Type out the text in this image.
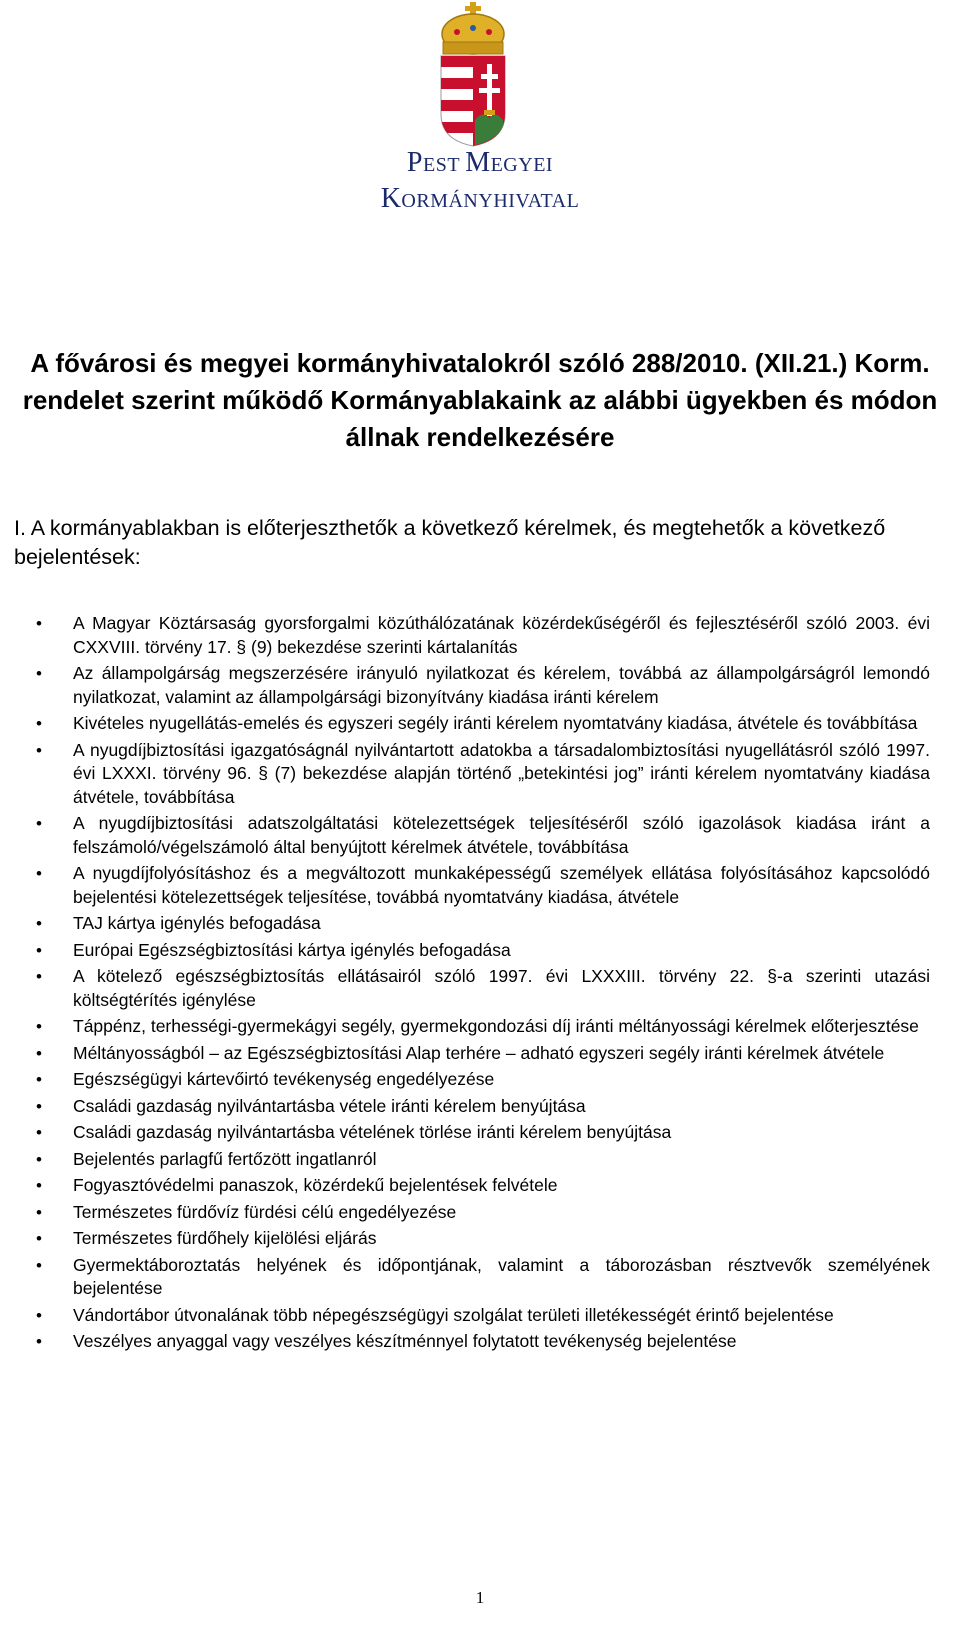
PEST MEGYEI
KORMÁNYHIVATAL
A fővárosi és megyei kormányhivatalokról szóló 288/2010. (XII.21.) Korm. rendelet szerint működő Kormányablakaink az alábbi ügyekben és módon állnak rendelkezésére
I. A kormányablakban is előterjeszthetők a következő kérelmek, és megtehetők a következő bejelentések:
• A Magyar Köztársaság gyorsforgalmi közúthálózatának közérdekűségéről és fejlesztéséről szóló 2003. évi CXXVIII. törvény 17. § (9) bekezdése szerinti kártalanítás
• Az állampolgárság megszerzésére irányuló nyilatkozat és kérelem, továbbá az állampolgárságról lemondó nyilatkozat, valamint az állampolgársági bizonyítvány kiadása iránti kérelem
• Kivételes nyugellátás-emelés és egyszeri segély iránti kérelem nyomtatvány kiadása, átvétele és továbbítása
• A nyugdíjbiztosítási igazgatóságnál nyilvántartott adatokba a társadalombiztosítási nyugellátásról szóló 1997. évi LXXXI. törvény 96. § (7) bekezdése alapján történő „betekintési jog” iránti kérelem nyomtatvány kiadása átvétele, továbbítása
• A nyugdíjbiztosítási adatszolgáltatási kötelezettségek teljesítéséről szóló igazolások kiadása iránt a felszámoló/végelszámoló által benyújtott kérelmek átvétele, továbbítása
• A nyugdíjfolyósításhoz és a megváltozott munkaképességű személyek ellátása folyósításához kapcsolódó bejelentési kötelezettségek teljesítése, továbbá nyomtatvány kiadása, átvétele
• TAJ kártya igénylés befogadása
• Európai Egészségbiztosítási kártya igénylés befogadása
• A kötelező egészségbiztosítás ellátásairól szóló 1997. évi LXXXIII. törvény 22. §-a szerinti utazási költségtérítés igénylése
• Táppénz, terhességi-gyermekágyi segély, gyermekgondozási díj iránti méltányossági kérelmek előterjesztése
• Méltányosságból – az Egészségbiztosítási Alap terhére – adható egyszeri segély iránti kérelmek átvétele
• Egészségügyi kártevőirtó tevékenység engedélyezése
• Családi gazdaság nyilvántartásba vétele iránti kérelem benyújtása
• Családi gazdaság nyilvántartásba vételének törlése iránti kérelem benyújtása
• Bejelentés parlagfű fertőzött ingatlanról
• Fogyasztóvédelmi panaszok, közérdekű bejelentések felvétele
• Természetes fürdővíz fürdési célú engedélyezése
• Természetes fürdőhely kijelölési eljárás
• Gyermektáboroztatás helyének és időpontjának, valamint a táborozásban résztvevők személyének bejelentése
• Vándortábor útvonalának több népegészségügyi szolgálat területi illetékességét érintő bejelentése
• Veszélyes anyaggal vagy veszélyes készítménnyel folytatott tevékenység bejelentése
1
